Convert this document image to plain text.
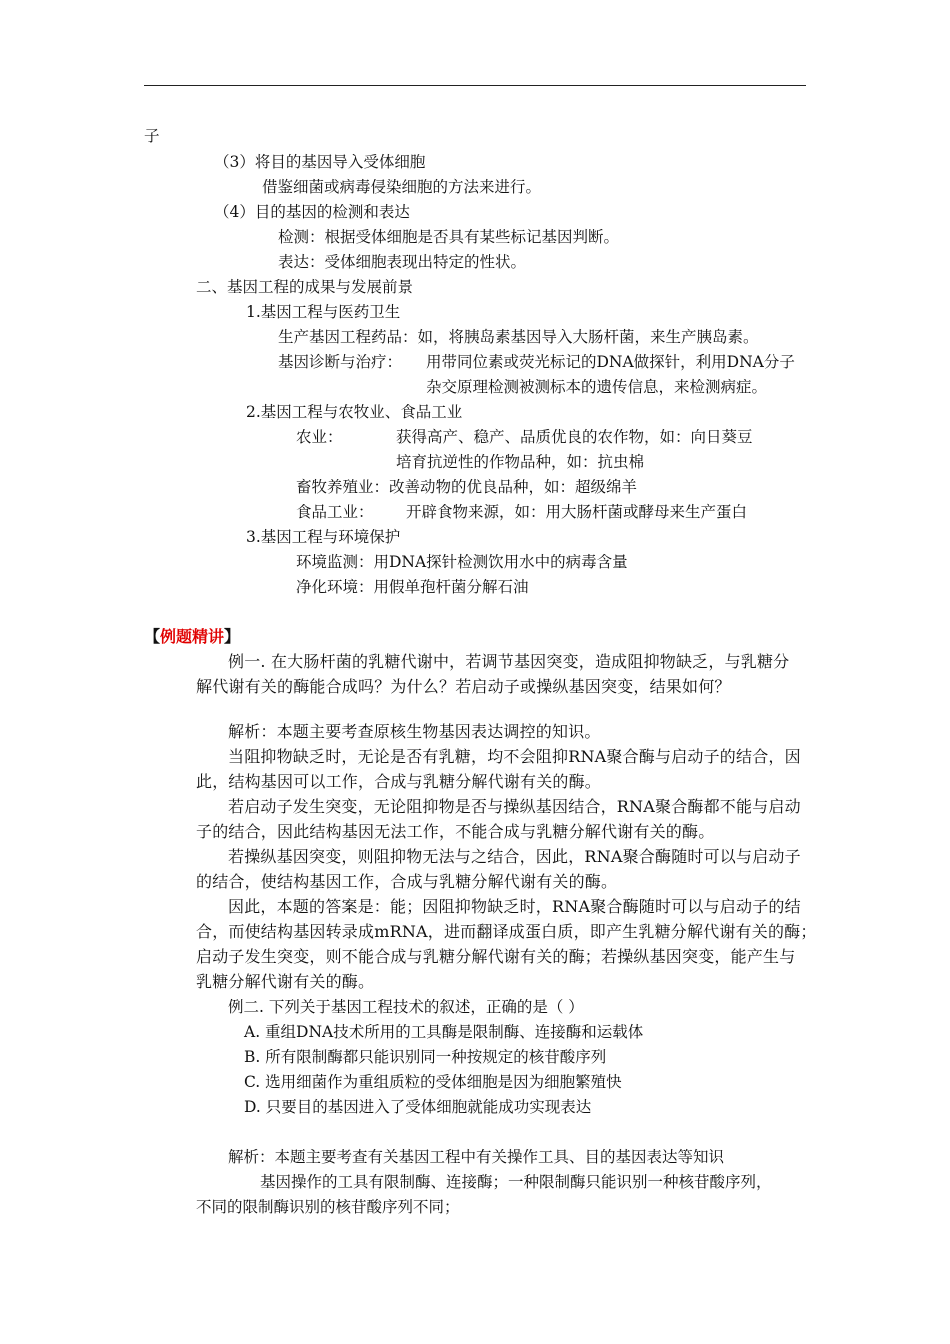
子
（3）将目的基因导入受体细胞
借鉴细菌或病毒侵染细胞的方法来进行。
（4）目的基因的检测和表达
检测：根据受体细胞是否具有某些标记基因判断。
表达：受体细胞表现出特定的性状。
二、基因工程的成果与发展前景
1.基因工程与医药卫生
生产基因工程药品：如，将胰岛素基因导入大肠杆菌，来生产胰岛素。
基因诊断与治疗： 用带同位素或荧光标记的DNA做探针，利用DNA分子
杂交原理检测被测标本的遗传信息，来检测病症。
2.基因工程与农牧业、食品工业
农业：	获得高产、稳产、品质优良的农作物，如：向日葵豆
培育抗逆性的作物品种，如：抗虫棉
畜牧养殖业：改善动物的优良品种，如：超级绵羊
食品工业： 开辟食物来源，如：用大肠杆菌或酵母来生产蛋白
3.基因工程与环境保护
环境监测：用DNA探针检测饮用水中的病毒含量
净化环境：用假单孢杆菌分解石油
【例题精讲】
例一. 在大肠杆菌的乳糖代谢中，若调节基因突变，造成阻抑物缺乏，与乳糖分
解代谢有关的酶能合成吗？为什么？若启动子或操纵基因突变，结果如何？
解析：本题主要考查原核生物基因表达调控的知识。
当阻抑物缺乏时，无论是否有乳糖，均不会阻抑RNA聚合酶与启动子的结合，因
此，结构基因可以工作，合成与乳糖分解代谢有关的酶。
若启动子发生突变，无论阻抑物是否与操纵基因结合，RNA聚合酶都不能与启动
子的结合，因此结构基因无法工作，不能合成与乳糖分解代谢有关的酶。
若操纵基因突变，则阻抑物无法与之结合，因此，RNA聚合酶随时可以与启动子
的结合，使结构基因工作，合成与乳糖分解代谢有关的酶。
因此，本题的答案是：能；因阻抑物缺乏时，RNA聚合酶随时可以与启动子的结
合，而使结构基因转录成mRNA，进而翻译成蛋白质，即产生乳糖分解代谢有关的酶；
启动子发生突变，则不能合成与乳糖分解代谢有关的酶；若操纵基因突变，能产生与
乳糖分解代谢有关的酶。
例二. 下列关于基因工程技术的叙述，正确的是（ ）
A. 重组DNA技术所用的工具酶是限制酶、连接酶和运载体
B. 所有限制酶都只能识别同一种按规定的核苷酸序列
C. 选用细菌作为重组质粒的受体细胞是因为细胞繁殖快
D. 只要目的基因进入了受体细胞就能成功实现表达
解析：本题主要考查有关基因工程中有关操作工具、目的基因表达等知识
基因操作的工具有限制酶、连接酶；一种限制酶只能识别一种核苷酸序列，
不同的限制酶识别的核苷酸序列不同；
